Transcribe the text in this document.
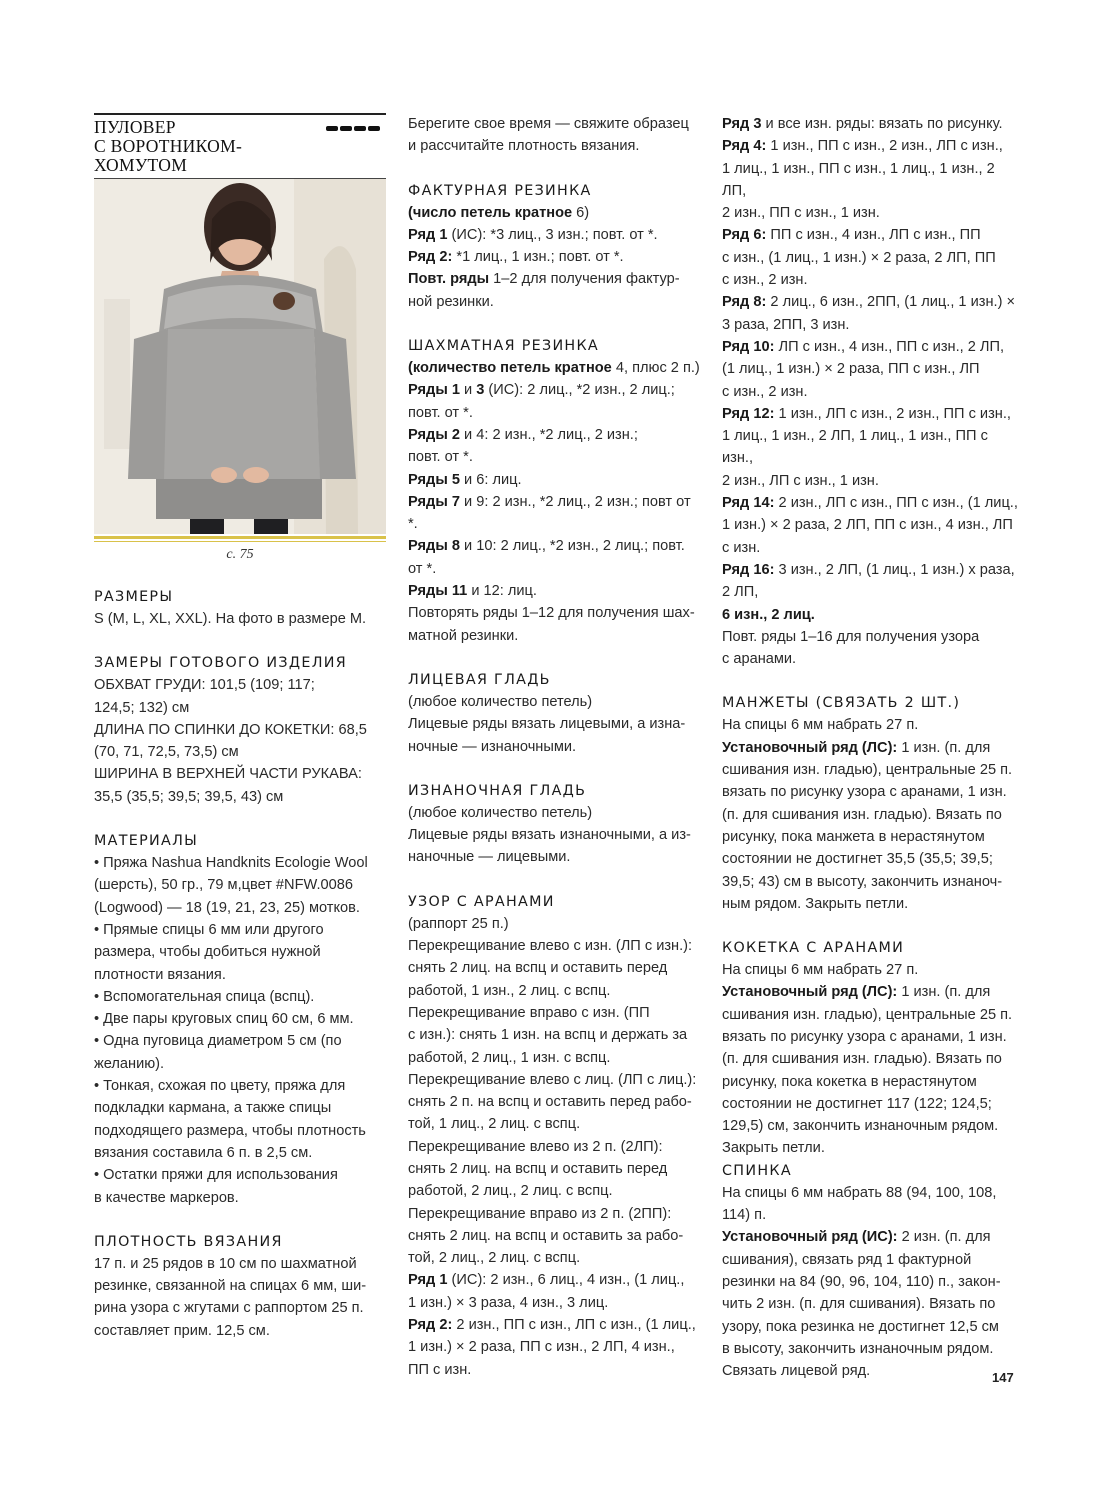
ПУЛОВЕР
С ВОРОТНИКОМ-
ХОМУТОМ
с. 75
РАЗМЕРЫ

S (M, L, XL, XXL). На фото в размере М.

ЗАМЕРЫ ГОТОВОГО ИЗДЕЛИЯ

ОБХВАТ ГРУДИ: 101,5 (109; 117;

124,5; 132) см

ДЛИНА ПО СПИНКИ ДО КОКЕТКИ: 68,5

(70, 71, 72,5, 73,5) см

ШИРИНА В ВЕРХНЕЙ ЧАСТИ РУКАВА:

35,5 (35,5; 39,5; 39,5, 43) см

МАТЕРИАЛЫ

• Пряжа Nashua Handknits Ecologie Wool

(шерсть), 50 гр., 79 м,цвет #NFW.0086

(Logwood) — 18 (19, 21, 23, 25) мотков.

• Прямые спицы 6 мм или другого

размера, чтобы добиться нужной

плотности вязания.

• Вспомогательная спица (вспц).

• Две пары круговых спиц 60 см, 6 мм.

• Одна пуговица диаметром 5 см (по

желанию).

• Тонкая, схожая по цвету, пряжа для

подкладки кармана, а также спицы

подходящего размера, чтобы плотность

вязания составила 6 п. в 2,5 см.

• Остатки пряжи для использования

в качестве маркеров.

ПЛОТНОСТЬ ВЯЗАНИЯ

17 п. и 25 рядов в 10 см по шахматной

резинке, связанной на спицах 6 мм, ши-

рина узора с жгутами с раппортом 25 п.

составляет прим. 12,5 см.

Берегите свое время — свяжите образец

и рассчитайте плотность вязания.

ФАКТУРНАЯ РЕЗИНКА

(число петель кратное 6)

Ряд 1 (ИС): *3 лиц., 3 изн.; повт. от *.

Ряд 2: *1 лиц., 1 изн.; повт. от *.

Повт. ряды 1–2 для получения фактур-

ной резинки.

ШАХМАТНАЯ РЕЗИНКА

(количество петель кратное 4, плюс 2 п.)

Ряды 1 и 3 (ИС): 2 лиц., *2 изн., 2 лиц.;

повт. от *.

Ряды 2 и 4: 2 изн., *2 лиц., 2 изн.;

повт. от *.

Ряды 5 и 6: лиц.

Ряды 7 и 9: 2 изн., *2 лиц., 2 изн.; повт от *.

Ряды 8 и 10: 2 лиц., *2 изн., 2 лиц.; повт. от *.

Ряды 11 и 12: лиц.

Повторять ряды 1–12 для получения шах-

матной резинки.

ЛИЦЕВАЯ ГЛАДЬ

(любое количество петель)

Лицевые ряды вязать лицевыми, а изна-

ночные — изнаночными.

ИЗНАНОЧНАЯ ГЛАДЬ

(любое количество петель)

Лицевые ряды вязать изнаночными, а из-

наночные — лицевыми.

УЗОР С АРАНАМИ

(раппорт 25 п.)

Перекрещивание влево с изн. (ЛП с изн.):

снять 2 лиц. на вспц и оставить перед

работой, 1 изн., 2 лиц. с вспц.

Перекрещивание вправо с изн. (ПП

с изн.): снять 1 изн. на вспц и держать за

работой, 2 лиц., 1 изн. с вспц.

Перекрещивание влево с лиц. (ЛП с лиц.):

снять 2 п. на вспц и оставить перед рабо-

той, 1 лиц., 2 лиц. с вспц.

Перекрещивание влево из 2 п. (2ЛП):

снять 2 лиц. на вспц и оставить перед

работой, 2 лиц., 2 лиц. с вспц.

Перекрещивание вправо из 2 п. (2ПП):

снять 2 лиц. на вспц и оставить за рабо-

той, 2 лиц., 2 лиц. с вспц.

Ряд 1 (ИС): 2 изн., 6 лиц., 4 изн., (1 лиц.,

1 изн.) × 3 раза, 4 изн., 3 лиц.

Ряд 2: 2 изн., ПП с изн., ЛП с изн., (1 лиц.,

1 изн.) × 2 раза, ПП с изн., 2 ЛП, 4 изн.,

ПП с изн.

Ряд 3 и все изн. ряды: вязать по рисунку.

Ряд 4: 1 изн., ПП с изн., 2 изн., ЛП с изн.,

1 лиц., 1 изн., ПП с изн., 1 лиц., 1 изн., 2 ЛП,

2 изн., ПП с изн., 1 изн.

Ряд 6: ПП с изн., 4 изн., ЛП с изн., ПП

с изн., (1 лиц., 1 изн.) × 2 раза, 2 ЛП, ПП

с изн., 2 изн.

Ряд 8: 2 лиц., 6 изн., 2ПП, (1 лиц., 1 изн.) ×

3 раза, 2ПП, 3 изн.

Ряд 10: ЛП с изн., 4 изн., ПП с изн., 2 ЛП,

(1 лиц., 1 изн.) × 2 раза, ПП с изн., ЛП

с изн., 2 изн.

Ряд 12: 1 изн., ЛП с изн., 2 изн., ПП с изн.,

1 лиц., 1 изн., 2 ЛП, 1 лиц., 1 изн., ПП с изн.,

2 изн., ЛП с изн., 1 изн.

Ряд 14: 2 изн., ЛП с изн., ПП с изн., (1 лиц.,

1 изн.) × 2 раза, 2 ЛП, ПП с изн., 4 изн., ЛП

с изн.

Ряд 16: 3 изн., 2 ЛП, (1 лиц., 1 изн.) х раза,

2 ЛП,

6 изн., 2 лиц.

Повт. ряды 1–16 для получения узора

с аранами.

МАНЖЕТЫ (СВЯЗАТЬ 2 ШТ.)

На спицы 6 мм набрать 27 п.

Установочный ряд (ЛС): 1 изн. (п. для

сшивания изн. гладью), центральные 25 п.

вязать по рисунку узора с аранами, 1 изн.

(п. для сшивания изн. гладью). Вязать по

рисунку, пока манжета в нерастянутом

состоянии не достигнет 35,5 (35,5; 39,5;

39,5; 43) см в высоту, закончить изнаноч-

ным рядом. Закрыть петли.

КОКЕТКА С АРАНАМИ

На спицы 6 мм набрать 27 п.

Установочный ряд (ЛС): 1 изн. (п. для

сшивания изн. гладью), центральные 25 п.

вязать по рисунку узора с аранами, 1 изн.

(п. для сшивания изн. гладью). Вязать по

рисунку, пока кокетка в нерастянутом

состоянии не достигнет 117 (122; 124,5;

129,5) см, закончить изнаночным рядом.

Закрыть петли.

СПИНКА

На спицы 6 мм набрать 88 (94, 100, 108,

114) п.

Установочный ряд (ИС): 2 изн. (п. для

сшивания), связать ряд 1 фактурной

резинки на 84 (90, 96, 104, 110) п., закон-

чить 2 изн. (п. для сшивания). Вязать по

узору, пока резинка не достигнет 12,5 см

в высоту, закончить изнаночным рядом.

Связать лицевой ряд.	147
